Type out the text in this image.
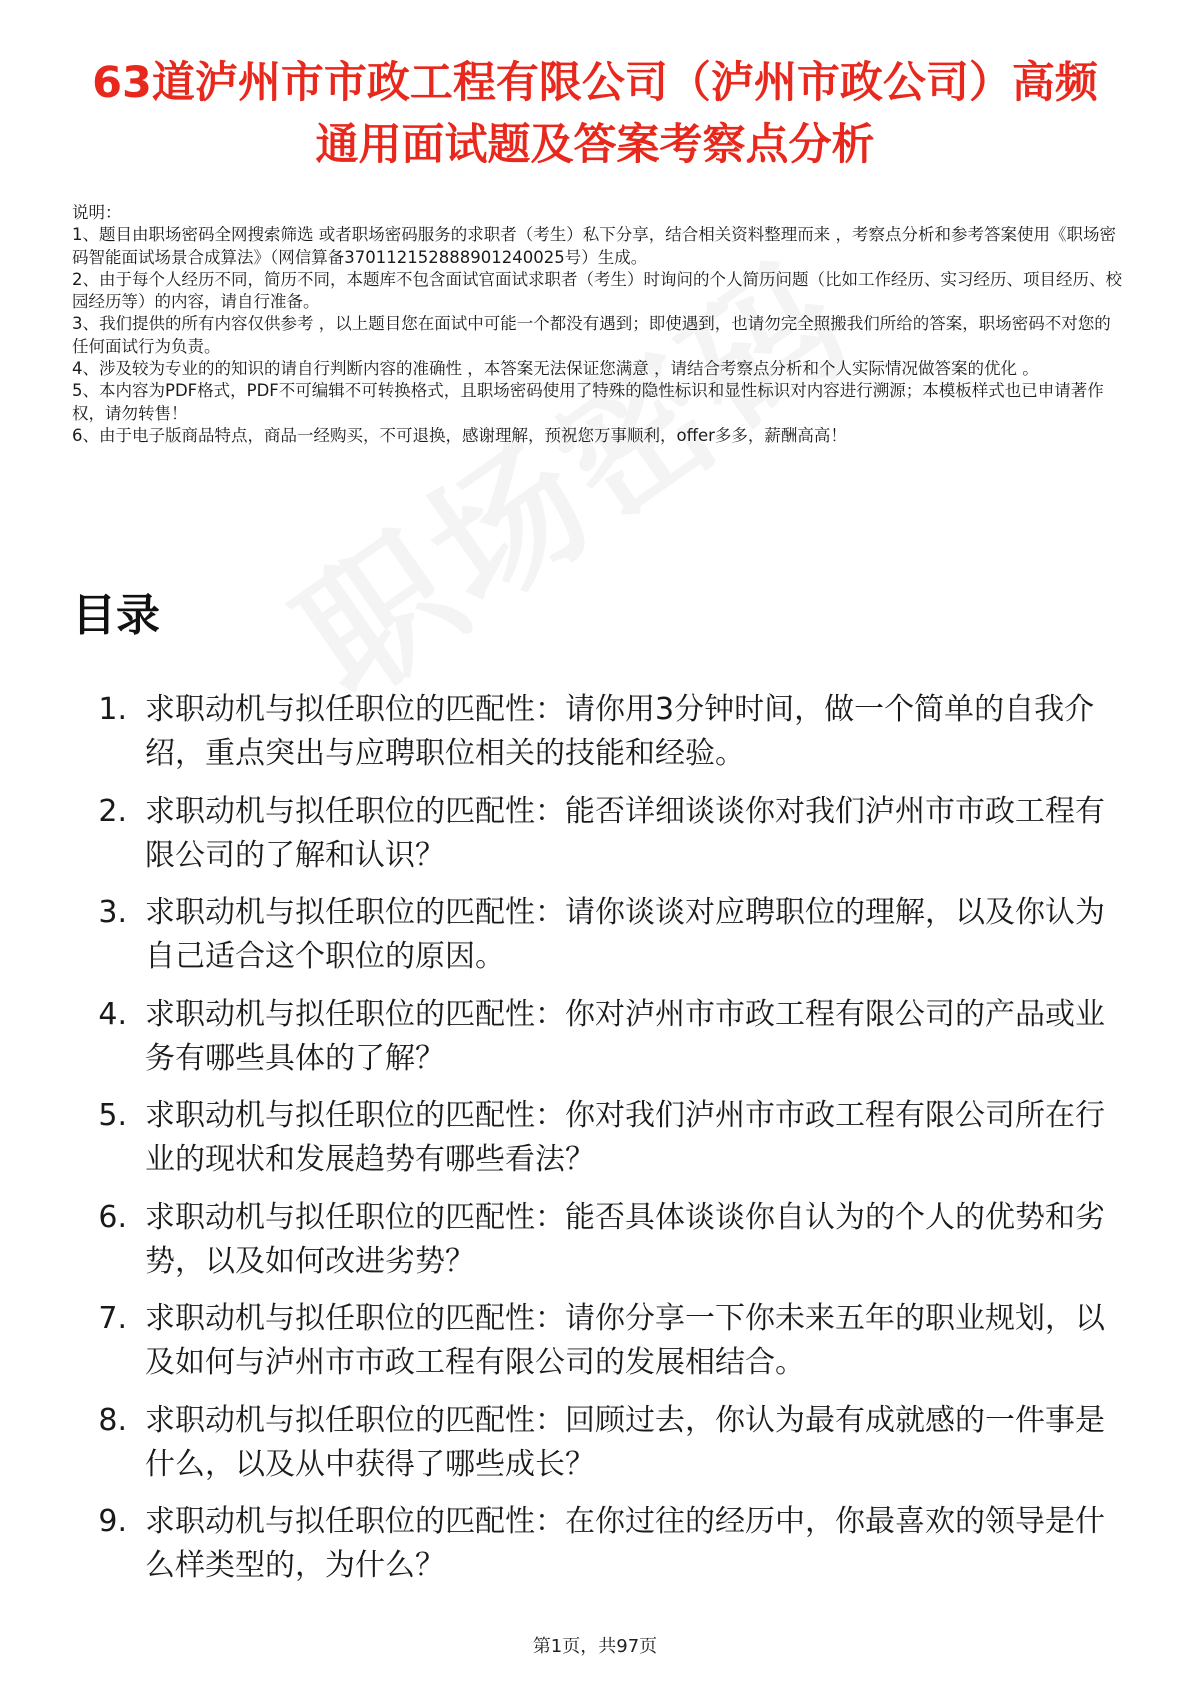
63道泸州市市政工程有限公司（泸州市政公司）高频通用面试题及答案考察点分析

说明：

1、题目由职场密码全网搜索筛选 或者职场密码服务的求职者（考生）私下分享，结合相关资料整理而来 ，考察点分析和参考答案使用《职场密码智能面试场景合成算法》（网信算备370112152888901240025号）生成。

2、由于每个人经历不同，简历不同，本题库不包含面试官面试求职者（考生）时询问的个人简历问题（比如工作经历、实习经历、项目经历、校园经历等）的内容，请自行准备。

3、我们提供的所有内容仅供参考 ，以上题目您在面试中可能一个都没有遇到；即使遇到，也请勿完全照搬我们所给的答案，职场密码不对您的任何面试行为负责。

4、涉及较为专业的的知识的请自行判断内容的准确性 ，本答案无法保证您满意 ，请结合考察点分析和个人实际情况做答案的优化 。

5、本内容为PDF格式，PDF不可编辑不可转换格式，且职场密码使用了特殊的隐性标识和显性标识对内容进行溯源；本模板样式也已申请著作权，请勿转售！

6、由于电子版商品特点，商品一经购买，不可退换，感谢理解，预祝您万事顺利，offer多多，薪酬高高！

目录
1. 求职动机与拟任职位的匹配性：请你用3分钟时间，做一个简单的自我介绍，重点突出与应聘职位相关的技能和经验。
2. 求职动机与拟任职位的匹配性：能否详细谈谈你对我们泸州市市政工程有限公司的了解和认识？
3. 求职动机与拟任职位的匹配性：请你谈谈对应聘职位的理解，以及你认为自己适合这个职位的原因。
4. 求职动机与拟任职位的匹配性：你对泸州市市政工程有限公司的产品或业务有哪些具体的了解？
5. 求职动机与拟任职位的匹配性：你对我们泸州市市政工程有限公司所在行业的现状和发展趋势有哪些看法？
6. 求职动机与拟任职位的匹配性：能否具体谈谈你自认为的个人的优势和劣势，以及如何改进劣势？
7. 求职动机与拟任职位的匹配性：请你分享一下你未来五年的职业规划，以及如何与泸州市市政工程有限公司的发展相结合。
8. 求职动机与拟任职位的匹配性：回顾过去，你认为最有成就感的一件事是什么，以及从中获得了哪些成长？
9. 求职动机与拟任职位的匹配性：在你过往的经历中，你最喜欢的领导是什么样类型的，为什么？
第1页，共97页
